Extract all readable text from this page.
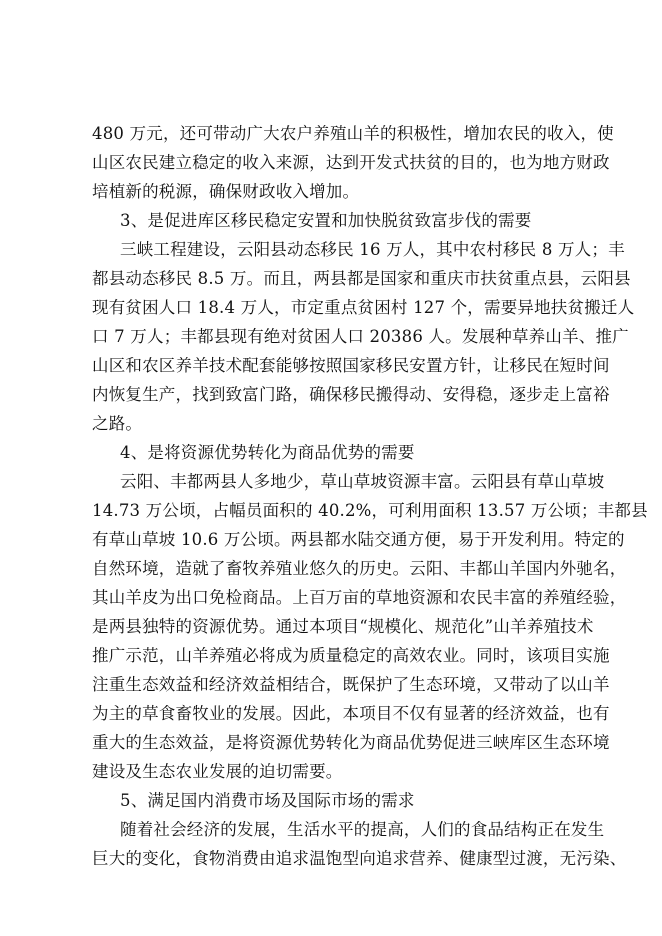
480 万元，还可带动广大农户养殖山羊的积极性，增加农民的收入，使
山区农民建立稳定的收入来源，达到开发式扶贫的目的，也为地方财政
培植新的税源，确保财政收入增加。
3、是促进库区移民稳定安置和加快脱贫致富步伐的需要
三峡工程建设，云阳县动态移民 16 万人，其中农村移民 8 万人；丰
都县动态移民 8.5 万。而且，两县都是国家和重庆市扶贫重点县，云阳县
现有贫困人口 18.4 万人，市定重点贫困村 127 个，需要异地扶贫搬迁人
口 7 万人；丰都县现有绝对贫困人口 20386 人。发展种草养山羊、推广
山区和农区养羊技术配套能够按照国家移民安置方针，让移民在短时间
内恢复生产，找到致富门路，确保移民搬得动、安得稳，逐步走上富裕
之路。
4、是将资源优势转化为商品优势的需要
云阳、丰都两县人多地少，草山草坡资源丰富。云阳县有草山草坡
14.73 万公顷，占幅员面积的 40.2%，可利用面积 13.57 万公顷；丰都县
有草山草坡 10.6 万公顷。两县都水陆交通方便，易于开发利用。特定的
自然环境，造就了畜牧养殖业悠久的历史。云阳、丰都山羊国内外驰名，
其山羊皮为出口免检商品。上百万亩的草地资源和农民丰富的养殖经验，
是两县独特的资源优势。通过本项目“规模化、规范化”山羊养殖技术
推广示范，山羊养殖必将成为质量稳定的高效农业。同时，该项目实施
注重生态效益和经济效益相结合，既保护了生态环境，又带动了以山羊
为主的草食畜牧业的发展。因此，本项目不仅有显著的经济效益，也有
重大的生态效益，是将资源优势转化为商品优势促进三峡库区生态环境
建设及生态农业发展的迫切需要。
5、满足国内消费市场及国际市场的需求
随着社会经济的发展，生活水平的提高，人们的食品结构正在发生
巨大的变化，食物消费由追求温饱型向追求营养、健康型过渡，无污染、
